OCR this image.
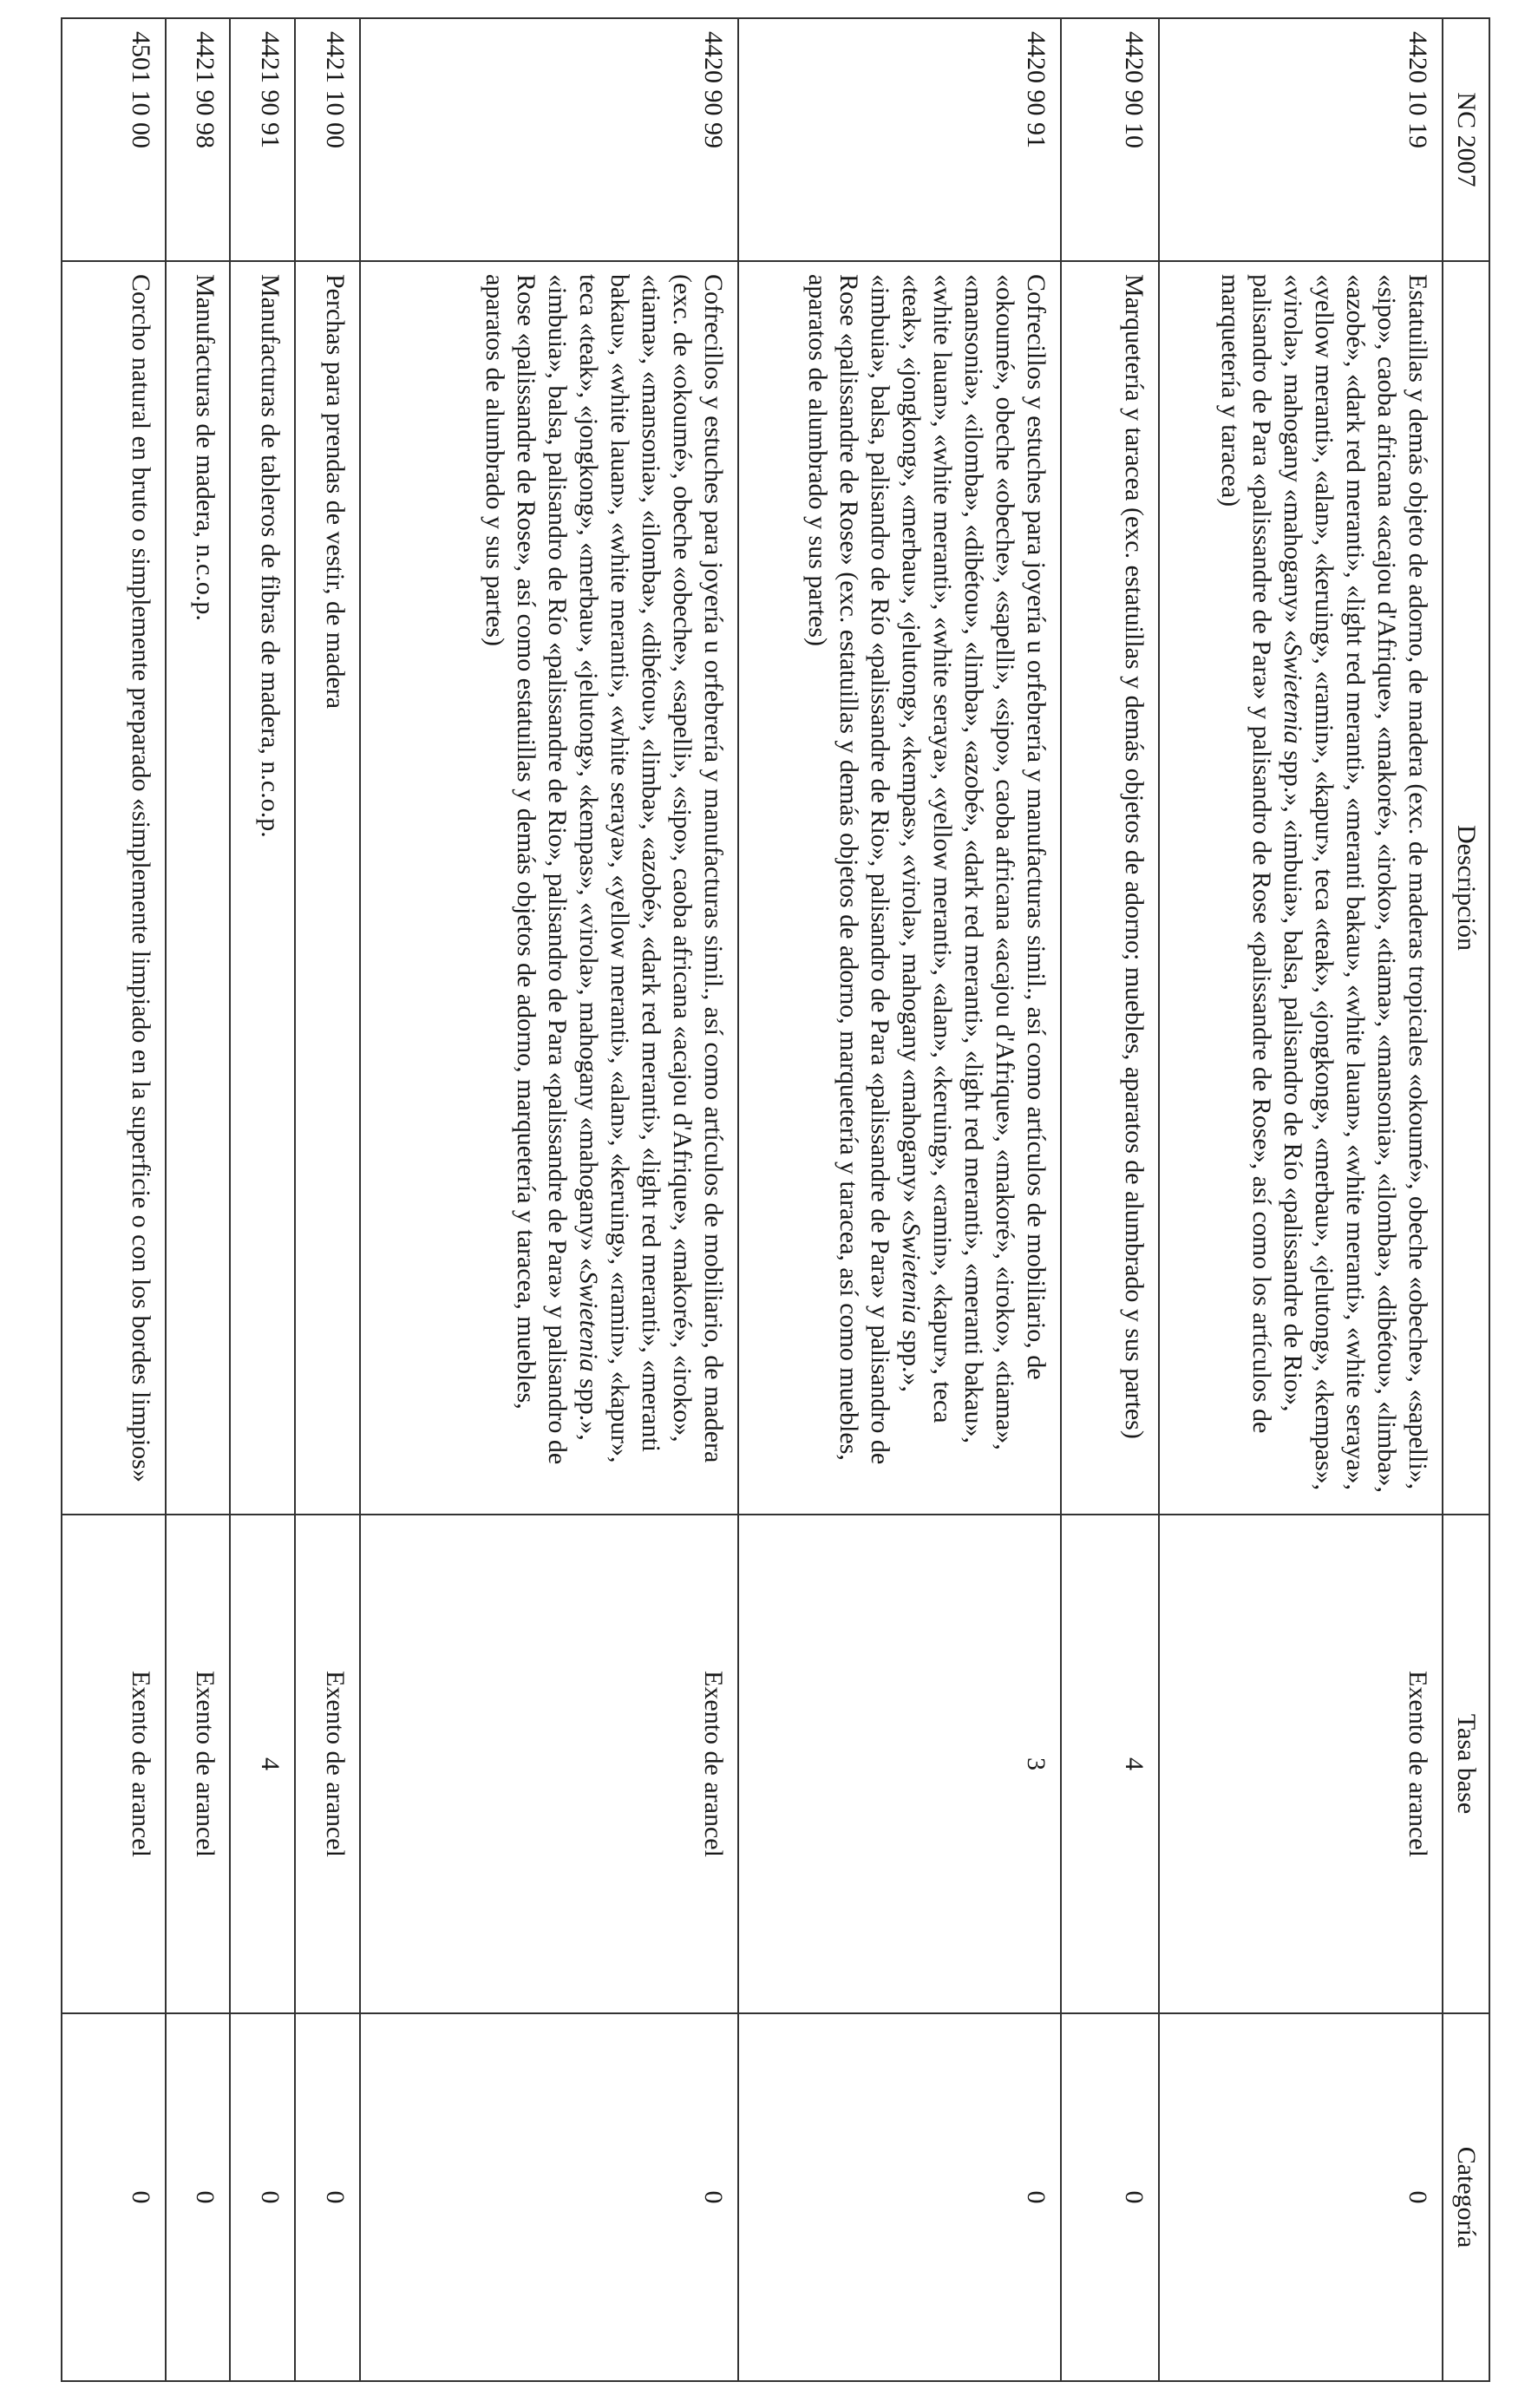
NC 2007	Descripción	Tasa base	Categoría
4420 10 19	Estatuillas y demás objeto de adorno, de madera (exc. de maderas tropicales «okoumé», obeche «obeche», «sapelli», «sipo», caoba africana «acajou d'Afrique», «makoré», «iroko», «tiama», «mansonia», «ilomba», «dibétou», «limba», «azobé», «dark red meranti», «light red meranti», «meranti bakau», «white lauan», «white meranti», «white seraya», «yellow meranti», «alan», «keruing», «ramin», «kapur», teca «teak», «jongkong», «merbau», «jelutong», «kempas», «virola», mahogany «mahogany» «Swietenia spp.», «imbuia», balsa, palisandro de Río «palissandre de Rio», palisandro de Para «palissandre de Para» y palisandro de Rose «palissandre de Rose», así como los artículos de marquetería y taracea)	Exento de arancel	0
4420 90 10	Marquetería y taracea (exc. estatuillas y demás objetos de adorno; muebles, aparatos de alumbrado y sus partes)	4	0
4420 90 91	Cofrecillos y estuches para joyería u orfebrería y manufacturas simil., así como artículos de mobiliario, de «okoumé», obeche «obeche», «sapelli», «sipo», caoba africana «acajou d'Afrique», «makoré», «iroko», «tiama», «mansonia», «ilomba», «dibétou», «limba», «azobé», «dark red meranti», «light red meranti», «meranti bakau», «white lauan», «white meranti», «white seraya», «yellow meranti», «alan», «keruing», «ramin», «kapur», teca «teak», «jongkong», «merbau», «jelutong», «kempas», «virola», mahogany «mahogany» «Swietenia spp.», «imbuia», balsa, palisandro de Río «palissandre de Rio», palisandro de Para «palissandre de Para» y palisandro de Rose «palissandre de Rose» (exc. estatuillas y demás objetos de adorno, marquetería y taracea, así como muebles, aparatos de alumbrado y sus partes)	3	0
4420 90 99	Cofrecillos y estuches para joyería u orfebrería y manufacturas simil., así como artículos de mobiliario, de madera (exc. de «okoumé», obeche «obeche», «sapelli», «sipo», caoba africana «acajou d'Afrique», «makoré», «iroko», «tiama», «mansonia», «ilomba», «dibétou», «limba», «azobé», «dark red meranti», «light red meranti», «meranti bakau», «white lauan», «white meranti», «white seraya», «yellow meranti», «alan», «keruing», «ramin», «kapur», teca «teak», «jongkong», «merbau», «jelutong», «kempas», «virola», mahogany «mahogany» «Swietenia spp.», «imbuia», balsa, palisandro de Río «palissandre de Rio», palisandro de Para «palissandre de Para» y palisandro de Rose «palissandre de Rose», así como estatuillas y demás objetos de adorno, marquetería y taracea, muebles, aparatos de alumbrado y sus partes)	Exento de arancel	0
4421 10 00	Perchas para prendas de vestir, de madera	Exento de arancel	0
4421 90 91	Manufacturas de tableros de fibras de madera, n.c.o.p.	4	0
4421 90 98	Manufacturas de madera, n.c.o.p.	Exento de arancel	0
4501 10 00	Corcho natural en bruto o simplemente preparado «simplemente limpiado en la superficie o con los bordes limpios»	Exento de arancel	0
